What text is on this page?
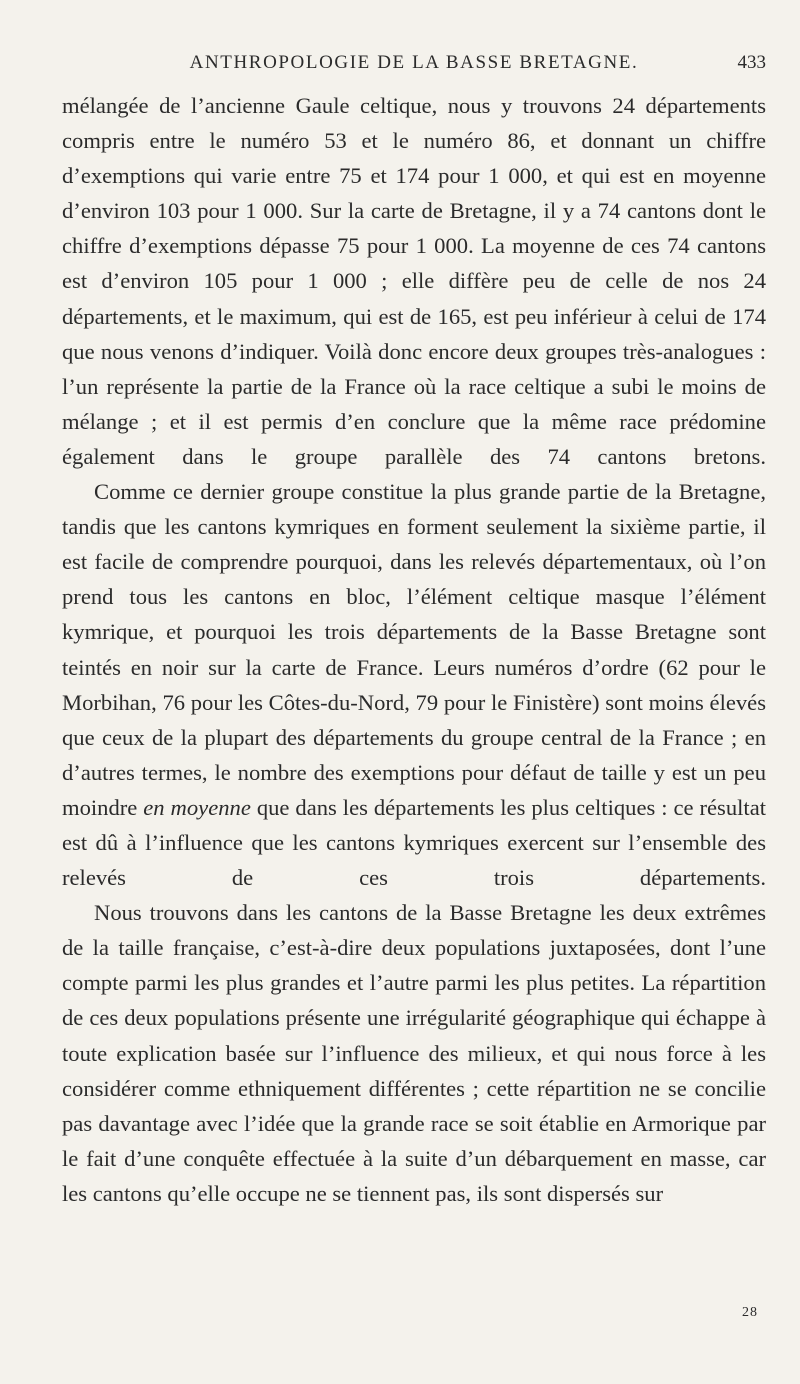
ANTHROPOLOGIE DE LA BASSE BRETAGNE.	433

mélangée de l’ancienne Gaule celtique, nous y trouvons 24 départements compris entre le numéro 53 et le numéro 86, et donnant un chiffre d’exemptions qui varie entre 75 et 174 pour 1 000, et qui est en moyenne d’environ 103 pour 1 000. Sur la carte de Bretagne, il y a 74 cantons dont le chiffre d’exemptions dépasse 75 pour 1 000. La moyenne de ces 74 cantons est d’environ 105 pour 1 000 ; elle diffère peu de celle de nos 24 départements, et le maximum, qui est de 165, est peu inférieur à celui de 174 que nous venons d’indiquer. Voilà donc encore deux groupes très-analogues : l’un représente la partie de la France où la race celtique a subi le moins de mélange ; et il est permis d’en conclure que la même race prédomine également dans le groupe parallèle des 74 cantons bretons.

Comme ce dernier groupe constitue la plus grande partie de la Bretagne, tandis que les cantons kymriques en forment seulement la sixième partie, il est facile de comprendre pourquoi, dans les relevés départementaux, où l’on prend tous les cantons en bloc, l’élément celtique masque l’élément kymrique, et pourquoi les trois départements de la Basse Bretagne sont teintés en noir sur la carte de France. Leurs numéros d’ordre (62 pour le Morbihan, 76 pour les Côtes-du-Nord, 79 pour le Finistère) sont moins élevés que ceux de la plupart des départements du groupe central de la France ; en d’autres termes, le nombre des exemptions pour défaut de taille y est un peu moindre en moyenne que dans les départements les plus celtiques : ce résultat est dû à l’influence que les cantons kymriques exercent sur l’ensemble des relevés de ces trois départements.

Nous trouvons dans les cantons de la Basse Bretagne les deux extrêmes de la taille française, c’est-à-dire deux populations juxtaposées, dont l’une compte parmi les plus grandes et l’autre parmi les plus petites. La répartition de ces deux populations présente une irrégularité géographique qui échappe à toute explication basée sur l’influence des milieux, et qui nous force à les considérer comme ethniquement différentes ; cette répartition ne se concilie pas davantage avec l’idée que la grande race se soit établie en Armorique par le fait d’une conquête effectuée à la suite d’un débarquement en masse, car les cantons qu’elle occupe ne se tiennent pas, ils sont dispersés sur

28
